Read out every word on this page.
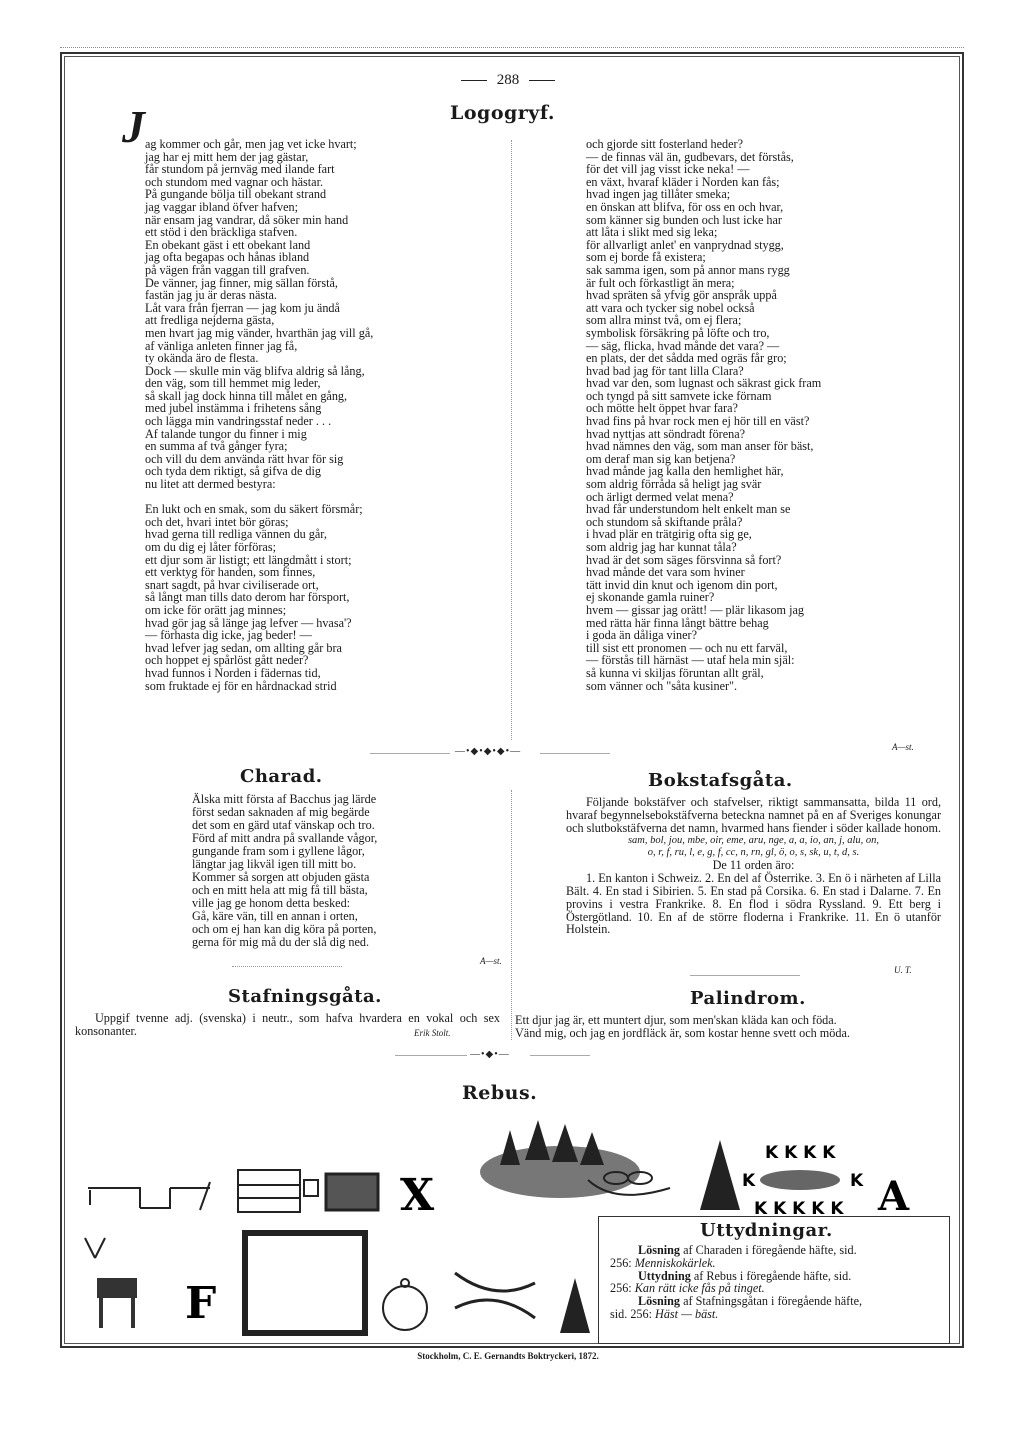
288
Logogryf.
J ag kommer och går, men jag vet icke hvart;
jag har ej mitt hem der jag gästar,
får stundom på jernväg med ilande fart
och stundom med vagnar och hästar.
På gungande bölja till obekant strand
jag vaggar ibland öfver hafven;
när ensam jag vandrar, då söker min hand
ett stöd i den bräckliga stafven.
En obekant gäst i ett obekant land
jag ofta begapas och hånas ibland
på vägen från vaggan till grafven.
De vänner, jag finner, mig sällan förstå,
fastän jag ju är deras nästa.
Låt vara från fjerran — jag kom ju ändå
att fredliga nejderna gästa,
men hvart jag mig vänder, hvarthän jag vill gå,
af vänliga anleten finner jag få,
ty okända äro de flesta.
Dock — skulle min väg blifva aldrig så lång,
den väg, som till hemmet mig leder,
så skall jag dock hinna till målet en gång,
med jubel instämma i frihetens sång
och lägga min vandringsstaf neder . . .
Af talande tungor du finner i mig
en summa af två gånger fyra;
och vill du dem använda rätt hvar för sig
och tyda dem riktigt, så gifva de dig
nu litet att dermed bestyra:
En lukt och en smak, som du säkert försmår;
och det, hvari intet bör göras;
hvad gerna till redliga vännen du går,
om du dig ej låter förföras;
ett djur som är listigt; ett längdmått i stort;
ett verktyg för handen, som finnes,
snart sagdt, på hvar civiliserade ort,
så långt man tills dato derom har försport,
om icke för orätt jag minnes;
hvad gör jag så länge jag lefver — hvasa'?
— förhasta dig icke, jag beder! —
hvad lefver jag sedan, om allting går bra
och hoppet ej spårlöst gått neder?
hvad funnos i Norden i fädernas tid,
som fruktade ej för en hårdnackad strid
och gjorde sitt fosterland heder?
— de finnas väl än, gudbevars, det förstås,
för det vill jag visst icke neka! —
en växt, hvaraf kläder i Norden kan fås;
hvad ingen jag tillåter smeka;
en önskan att blifva, för oss en och hvar,
som känner sig bunden och lust icke har
att låta i slikt med sig leka;
för allvarligt anlet' en vanprydnad stygg,
som ej borde få existera;
sak samma igen, som på annor mans rygg
är fult och förkastligt än mera;
hvad spräten så yfvig gör anspråk uppå
att vara och tycker sig nobel också
som allra minst två, om ej flera;
symbolisk försäkring på löfte och tro,
— säg, flicka, hvad månde det vara? —
en plats, der det sådda med ogräs får gro;
hvad bad jag för tant lilla Clara?
hvad var den, som lugnast och säkrast gick fram
och tyngd på sitt samvete icke förnam
och mötte helt öppet hvar fara?
hvad fins på hvar rock men ej hör till en väst?
hvad nyttjas att söndradt förena?
hvad nämnes den väg, som man anser för bäst,
om deraf man sig kan betjena?
hvad månde jag kalla den hemlighet här,
som aldrig förråda så heligt jag svär
och ärligt dermed velat mena?
hvad får understundom helt enkelt man se
och stundom så skiftande pråla?
i hvad plär en trätgirig ofta sig ge,
som aldrig jag har kunnat tåla?
hvad är det som säges försvinna så fort?
hvad månde det vara som hviner
tätt invid din knut och igenom din port,
ej skonande gamla ruiner?
hvem — gissar jag orätt! — plär likasom jag
med rätta här finna långt bättre behag
i goda än dåliga viner?
till sist ett pronomen — och nu ett farväl,
— förstås till härnäst — utaf hela min själ:
så kunna vi skiljas föruntan allt gräl,
som vänner och "såta kusiner".
A—st.
—•◆•◆•◆•—
Charad.
Älska mitt första af Bacchus jag lärde
först sedan saknaden af mig begärde
det som en gärd utaf vänskap och tro.
Förd af mitt andra på svallande vågor,
gungande fram som i gyllene lågor,
längtar jag likväl igen till mitt bo.
Kommer så sorgen att objuden gästa
och en mitt hela att mig få till bästa,
ville jag ge honom detta besked:
Gå, käre vän, till en annan i orten,
och om ej han kan dig köra på porten,
gerna för mig må du der slå dig ned.
A—st.
Bokstafsgåta.
Följande bokstäfver och stafvelser, riktigt sammansatta, bilda 11 ord, hvaraf begynnelsebokstäfverna beteckna namnet på en af Sveriges konungar och slutbokstäfverna det namn, hvarmed hans fiender i söder kallade honom.
sam, bol, jou, mbe, oir, eme, aru, nge, a, a, io, an, j, alu, on,
o, r, f, ru, l, e, g, f, cc, n, rn, gl, ö, o, s, sk, u, t, d, s.
De 11 orden äro:
1. En kanton i Schweiz. 2. En del af Österrike. 3. En ö i närheten af Lilla Bält. 4. En stad i Sibirien. 5. En stad på Corsika. 6. En stad i Dalarne. 7. En provins i vestra Frankrike. 8. En flod i södra Ryssland. 9. Ett berg i Östergötland. 10. En af de större floderna i Frankrike. 11. En ö utanför Holstein.
U. T.
Stafningsgåta.
Uppgif tvenne adj. (svenska) i neutr., som hafva hvardera en vokal och sex konsonanter.	Erik Stolt.
Palindrom.
Ett djur jag är, ett muntert djur, som men'skan kläda kan och föda.
Vänd mig, och jag en jordfläck är, som kostar henne svett och möda.
—•◆•—
Rebus.
X
K K K K
K	K
K K K K K A
F
Uttydningar.
Lösning af Charaden i föregående häfte, sid.
256: Menniskokärlek.
Uttydning af Rebus i föregående häfte, sid.
256: Kan rätt icke fås på tinget.
Lösning af Stafningsgåtan i föregående häfte,
sid. 256: Häst — bäst.
Stockholm, C. E. Gernandts Boktryckeri, 1872.
